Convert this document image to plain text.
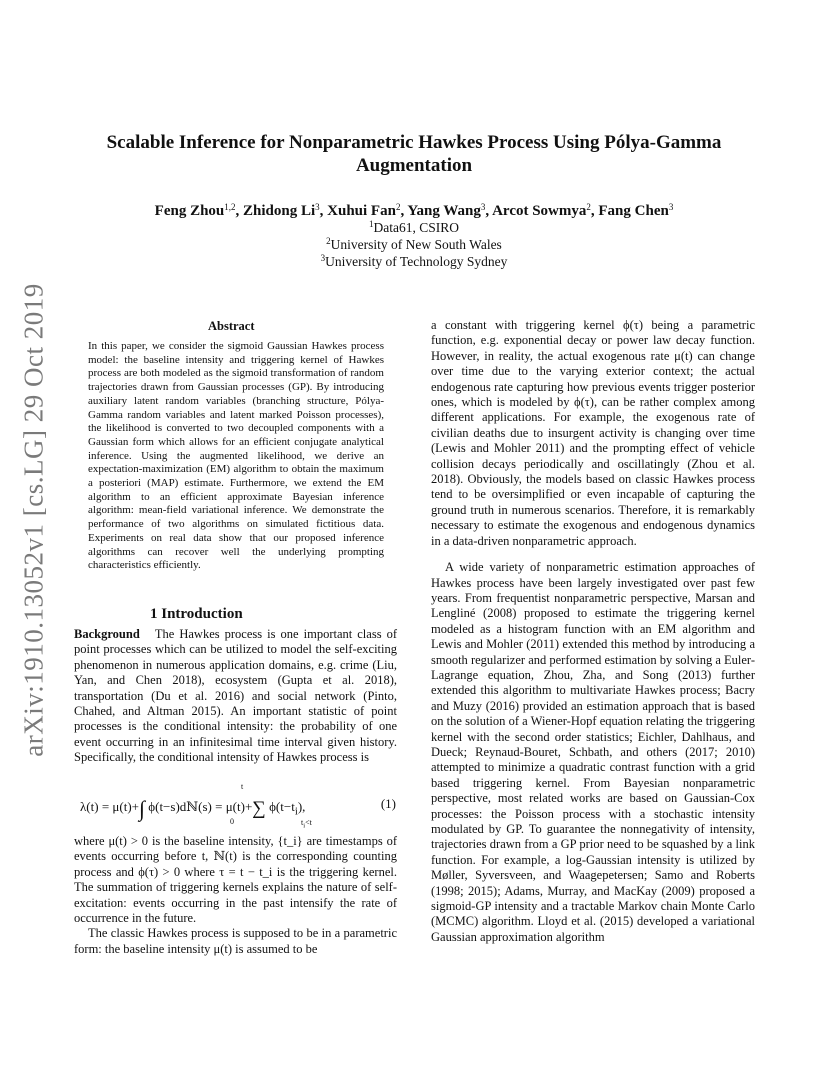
arXiv:1910.13052v1 [cs.LG] 29 Oct 2019
Scalable Inference for Nonparametric Hawkes Process Using Pólya-Gamma
Augmentation
Feng Zhou$^{1,2}$, Zhidong Li$^3$, Xuhui Fan$^2$, Yang Wang$^3$, Arcot Sowmya$^2$, Fang Chen$^3$
$^1$Data61, CSIRO
$^2$University of New South Wales
$^3$University of Technology Sydney
Abstract

In this paper, we consider the sigmoid Gaussian Hawkes process model: the baseline intensity and triggering kernel of Hawkes process are both modeled as the sigmoid transformation of random trajectories drawn from Gaussian processes (GP). By introducing auxiliary latent random variables (branching structure, Pólya-Gamma random variables and latent marked Poisson processes), the likelihood is converted to two decoupled components with a Gaussian form which allows for an efficient conjugate analytical inference. Using the augmented likelihood, we derive an expectation-maximization (EM) algorithm to obtain the maximum a posteriori (MAP) estimate. Furthermore, we extend the EM algorithm to an efficient approximate Bayesian inference algorithm: mean-field variational inference. We demonstrate the performance of two algorithms on simulated fictitious data. Experiments on real data show that our proposed inference algorithms can recover well the underlying prompting characteristics efficiently.

1 Introduction

Background The Hawkes process is one important class of point processes which can be utilized to model the self-exciting phenomenon in numerous application domains, e.g. crime (Liu, Yan, and Chen 2018), ecosystem (Gupta et al. 2018), transportation (Du et al. 2016) and social network (Pinto, Chahed, and Altman 2015). An important statistic of point processes is the conditional intensity: the probability of one event occurring in an infinitesimal time interval given history. Specifically, the conditional intensity of Hawkes process is

λ(t) = μ(t)+∫ ϕ(t−s)dℕ(s) = μ(t)+∑ $\phi(t-t_i)$,
t
0	$t_i<t$
(1)

where μ(t) > 0 is the baseline intensity, {t_i} are timestamps of events occurring before t, ℕ(t) is the corresponding counting process and ϕ(τ) > 0 where τ = t − t_i is the triggering kernel. The summation of triggering kernels explains the nature of self-excitation: events occurring in the past intensify the rate of occurrence in the future.

The classic Hawkes process is supposed to be in a parametric form: the baseline intensity μ(t) is assumed to be

a constant with triggering kernel ϕ(τ) being a parametric function, e.g. exponential decay or power law decay function. However, in reality, the actual exogenous rate μ(t) can change over time due to the varying exterior context; the actual endogenous rate capturing how previous events trigger posterior ones, which is modeled by ϕ(τ), can be rather complex among different applications. For example, the exogenous rate of civilian deaths due to insurgent activity is changing over time (Lewis and Mohler 2011) and the prompting effect of vehicle collision decays periodically and oscillatingly (Zhou et al. 2018). Obviously, the models based on classic Hawkes process tend to be oversimplified or even incapable of capturing the ground truth in numerous scenarios. Therefore, it is remarkably necessary to estimate the exogenous and endogenous dynamics in a data-driven nonparametric approach.

A wide variety of nonparametric estimation approaches of Hawkes process have been largely investigated over past few years. From frequentist nonparametric perspective, Marsan and Lengliné (2008) proposed to estimate the triggering kernel modeled as a histogram function with an EM algorithm and Lewis and Mohler (2011) extended this method by introducing a smooth regularizer and performed estimation by solving a Euler-Lagrange equation, Zhou, Zha, and Song (2013) further extended this algorithm to multivariate Hawkes process; Bacry and Muzy (2016) provided an estimation approach that is based on the solution of a Wiener-Hopf equation relating the triggering kernel with the second order statistics; Eichler, Dahlhaus, and Dueck; Reynaud-Bouret, Schbath, and others (2017; 2010) attempted to minimize a quadratic contrast function with a grid based triggering kernel. From Bayesian nonparametric perspective, most related works are based on Gaussian-Cox processes: the Poisson process with a stochastic intensity modulated by GP. To guarantee the nonnegativity of intensity, trajectories drawn from a GP prior need to be squashed by a link function. For example, a log-Gaussian intensity is utilized by Møller, Syversveen, and Waagepetersen; Samo and Roberts (1998; 2015); Adams, Murray, and MacKay (2009) proposed a sigmoid-GP intensity and a tractable Markov chain Monte Carlo (MCMC) algorithm. Lloyd et al. (2015) developed a variational Gaussian approximation algorithm
